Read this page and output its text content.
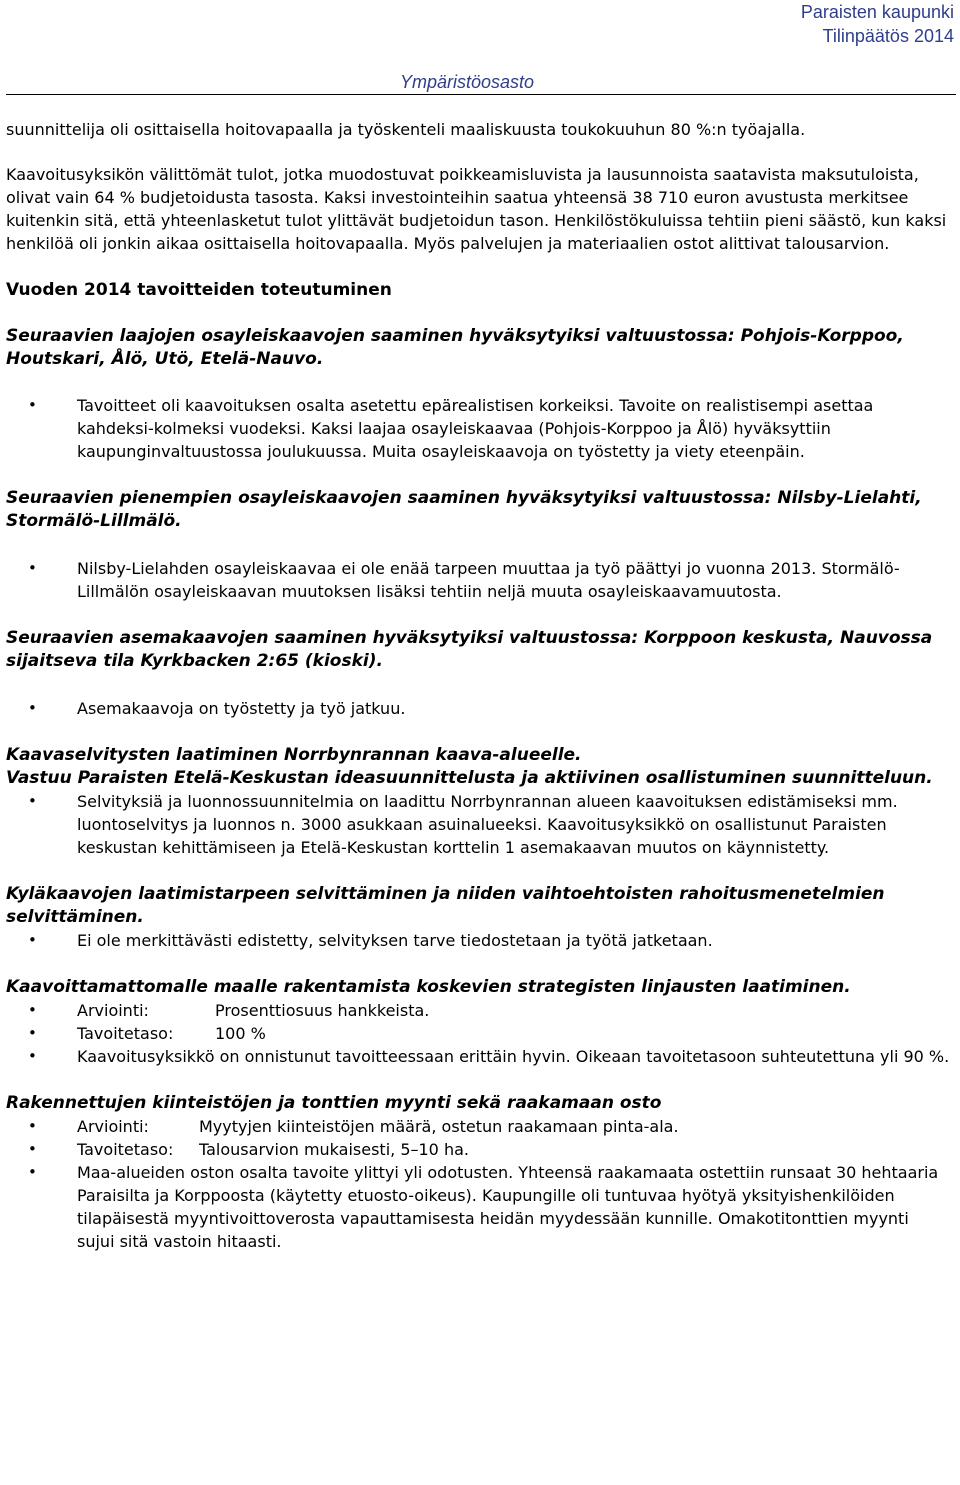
Paraisten kaupunki
Tilinpäätös 2014
Ympäristöosasto

suunnittelija oli osittaisella hoitovapaalla ja työskenteli maaliskuusta toukokuuhun 80 %:n työajalla.

Kaavoitusyksikön välittömät tulot, jotka muodostuvat poikkeamisluvista ja lausunnoista saatavista maksutuloista, olivat vain 64 % budjetoidusta tasosta. Kaksi investointeihin saatua yhteensä 38 710 euron avustusta merkitsee kuitenkin sitä, että yhteenlasketut tulot ylittävät budjetoidun tason. Henkilöstökuluissa tehtiin pieni säästö, kun kaksi henkilöä oli jonkin aikaa osittaisella hoitovapaalla. Myös palvelujen ja materiaalien ostot alittivat talousarvion.

Vuoden 2014 tavoitteiden toteutuminen

Seuraavien laajojen osayleiskaavojen saaminen hyväksytyiksi valtuustossa: Pohjois-Korppoo, Houtskari, Ålö, Utö, Etelä-Nauvo.

• Tavoitteet oli kaavoituksen osalta asetettu epärealistisen korkeiksi. Tavoite on realistisempi asettaa kahdeksi-kolmeksi vuodeksi. Kaksi laajaa osayleiskaavaa (Pohjois-Korppoo ja Ålö) hyväksyttiin kaupunginvaltuustossa joulukuussa. Muita osayleiskaavoja on työstetty ja viety eteenpäin.

Seuraavien pienempien osayleiskaavojen saaminen hyväksytyiksi valtuustossa: Nilsby-Lielahti, Stormälö-Lillmälö.

• Nilsby-Lielahden osayleiskaavaa ei ole enää tarpeen muuttaa ja työ päättyi jo vuonna 2013. Stormälö-Lillmälön osayleiskaavan muutoksen lisäksi tehtiin neljä muuta osayleiskaavamuutosta.

Seuraavien asemakaavojen saaminen hyväksytyiksi valtuustossa: Korppoon keskusta, Nauvossa sijaitseva tila Kyrkbacken 2:65 (kioski).

• Asemakaavoja on työstetty ja työ jatkuu.

Kaavaselvitysten laatiminen Norrbynrannan kaava-alueelle.

Vastuu Paraisten Etelä-Keskustan ideasuunnittelusta ja aktiivinen osallistuminen suunnitteluun.

• Selvityksiä ja luonnossuunnitelmia on laadittu Norrbynrannan alueen kaavoituksen edistämiseksi mm. luontoselvitys ja luonnos n. 3000 asukkaan asuinalueeksi. Kaavoitusyksikkö on osallistunut Paraisten keskustan kehittämiseen ja Etelä-Keskustan korttelin 1 asemakaavan muutos on käynnistetty.

Kyläkaavojen laatimistarpeen selvittäminen ja niiden vaihtoehtoisten rahoitusmenetelmien selvittäminen.

• Ei ole merkittävästi edistetty, selvityksen tarve tiedostetaan ja työtä jatketaan.

Kaavoittamattomalle maalle rakentamista koskevien strategisten linjausten laatiminen.

• Arviointi:	Prosenttiosuus hankkeista.
• Tavoitetaso:	100 %
• Kaavoitusyksikkö on onnistunut tavoitteessaan erittäin hyvin. Oikeaan tavoitetasoon suhteutettuna yli 90 %.

Rakennettujen kiinteistöjen ja tonttien myynti sekä raakamaan osto

• Arviointi:	Myytyjen kiinteistöjen määrä, ostetun raakamaan pinta-ala.
• Tavoitetaso: Talousarvion mukaisesti, 5–10 ha.
• Maa-alueiden oston osalta tavoite ylittyi yli odotusten. Yhteensä raakamaata ostettiin runsaat 30 hehtaaria Paraisilta ja Korppoosta (käytetty etuosto-oikeus). Kaupungille oli tuntuvaa hyötyä yksityishenkilöiden tilapäisestä myyntivoittoverosta vapauttamisesta heidän myydessään kunnille. Omakotitonttien myynti sujui sitä vastoin hitaasti.
